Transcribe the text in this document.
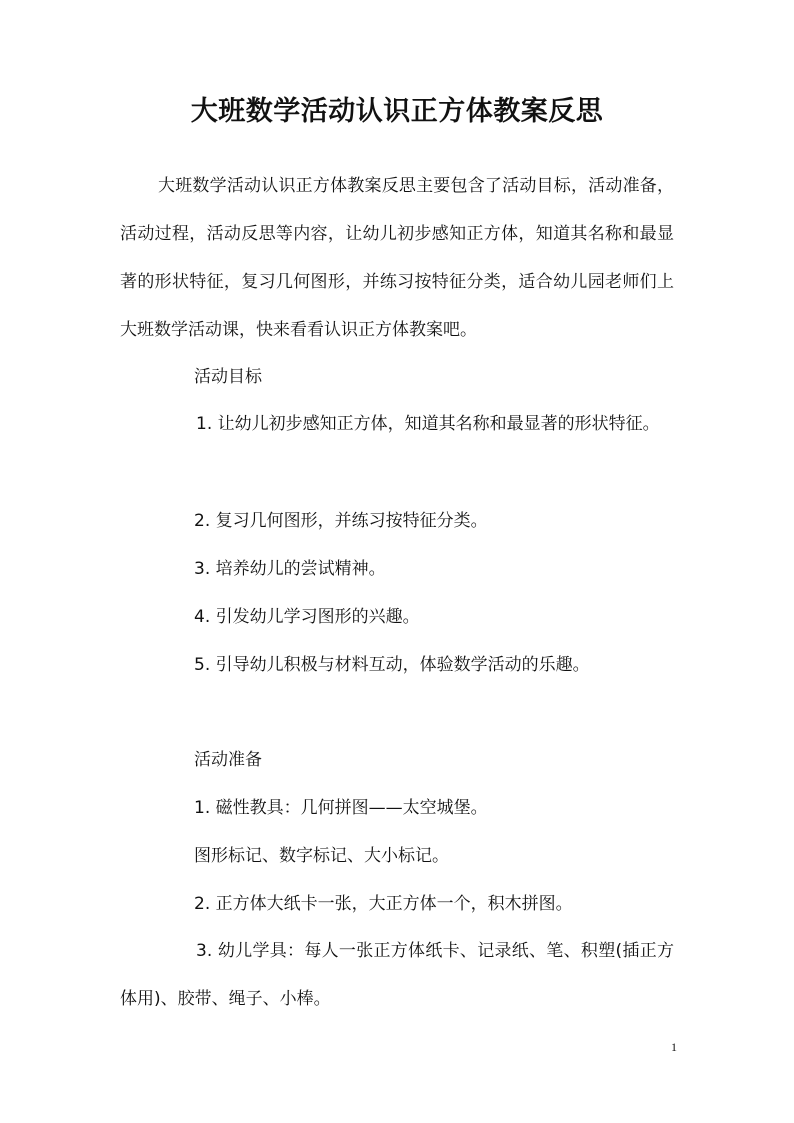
大班数学活动认识正方体教案反思
大班数学活动认识正方体教案反思主要包含了活动目标，活动准备，活动过程，活动反思等内容，让幼儿初步感知正方体，知道其名称和最显著的形状特征，复习几何图形，并练习按特征分类，适合幼儿园老师们上大班数学活动课，快来看看认识正方体教案吧。
活动目标
1. 让幼儿初步感知正方体，知道其名称和最显著的形状特征。
2. 复习几何图形，并练习按特征分类。
3. 培养幼儿的尝试精神。
4. 引发幼儿学习图形的兴趣。
5. 引导幼儿积极与材料互动，体验数学活动的乐趣。
活动准备
1. 磁性教具：几何拼图——太空城堡。
图形标记、数字标记、大小标记。
2. 正方体大纸卡一张，大正方体一个，积木拼图。
3. 幼儿学具：每人一张正方体纸卡、记录纸、笔、积塑(插正方体用)、胶带、绳子、小棒。
1
